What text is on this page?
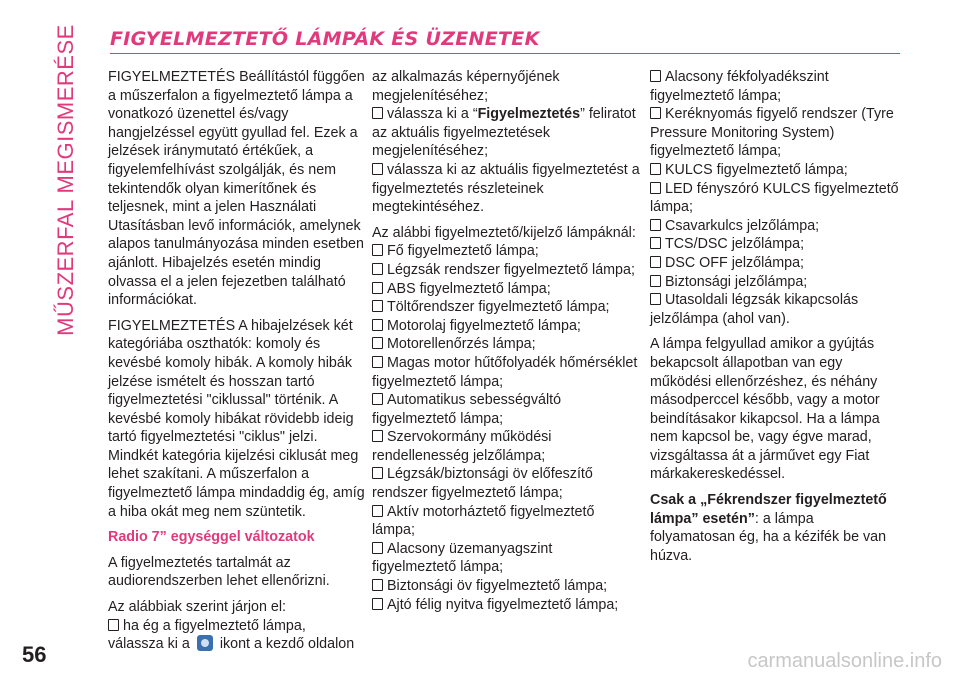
MŰSZERFAL MEGISMERÉSE FIGYELMEZTETŐ LÁMPÁK ÉS ÜZENETEK

FIGYELMEZTETÉS Beállítástól függően a műszerfalon a figyelmeztető lámpa a vonatkozó üzenettel és/vagy hangjelzéssel együtt gyullad fel. Ezek a jelzések iránymutató értékűek, a figyelemfelhívást szolgálják, és nem tekintendők olyan kimerítőnek és teljesnek, mint a jelen Használati Utasításban levő információk, amelynek alapos tanulmányozása minden esetben ajánlott. Hibajelzés esetén mindig olvassa el a jelen fejezetben található információkat.

FIGYELMEZTETÉS A hibajelzések két kategóriába oszthatók: komoly és kevésbé komoly hibák. A komoly hibák jelzése ismételt és hosszan tartó figyelmeztetési "ciklussal" történik. A kevésbé komoly hibákat rövidebb ideig tartó figyelmeztetési "ciklus" jelzi. Mindkét kategória kijelzési ciklusát meg lehet szakítani. A műszerfalon a figyelmeztető lámpa mindaddig ég, amíg a hiba okát meg nem szüntetik.

Radio 7” egységgel változatok

A figyelmeztetés tartalmát az audiorendszerben lehet ellenőrizni.

Az alábbiak szerint járjon el:

ha ég a figyelmeztető lámpa,
válassza ki a ikont a kezdő oldalon
az alkalmazás képernyőjének megjelenítéséhez;
válassza ki a “Figyelmeztetés” feliratot az aktuális figyelmeztetések megjelenítéséhez;
válassza ki az aktuális figyelmeztetést a figyelmeztetés részleteinek megtekintéséhez.

Az alábbi figyelmeztető/kijelző lámpáknál:

Fő figyelmeztető lámpa;
Légzsák rendszer figyelmeztető lámpa;
ABS figyelmeztető lámpa;
Töltőrendszer figyelmeztető lámpa;
Motorolaj figyelmeztető lámpa;
Motorellenőrzés lámpa;
Magas motor hűtőfolyadék hőmérséklet figyelmeztető lámpa;
Automatikus sebességváltó figyelmeztető lámpa;
Szervokormány működési rendellenesség jelzőlámpa;
Légzsák/biztonsági öv előfeszítő rendszer figyelmeztető lámpa;
Aktív motorháztető figyelmeztető lámpa;
Alacsony üzemanyagszint figyelmeztető lámpa;
Biztonsági öv figyelmeztető lámpa;
Ajtó félig nyitva figyelmeztető lámpa;
Alacsony fékfolyadékszint figyelmeztető lámpa;
Keréknyomás figyelő rendszer (Tyre Pressure Monitoring System) figyelmeztető lámpa;
KULCS figyelmeztető lámpa;
LED fényszóró KULCS figyelmeztető lámpa;
Csavarkulcs jelzőlámpa;
TCS/DSC jelzőlámpa;
DSC OFF jelzőlámpa;
Biztonsági jelzőlámpa;
Utasoldali légzsák kikapcsolás jelzőlámpa (ahol van).

A lámpa felgyullad amikor a gyújtás bekapcsolt állapotban van egy működési ellenőrzéshez, és néhány másodperccel később, vagy a motor beindításakor kikapcsol. Ha a lámpa nem kapcsol be, vagy égve marad, vizsgáltassa át a járművet egy Fiat márkakereskedéssel.

Csak a „Fékrendszer figyelmeztető lámpa” esetén”: a lámpa folyamatosan ég, ha a kézifék be van húzva.

56	carmanualsonline.info
